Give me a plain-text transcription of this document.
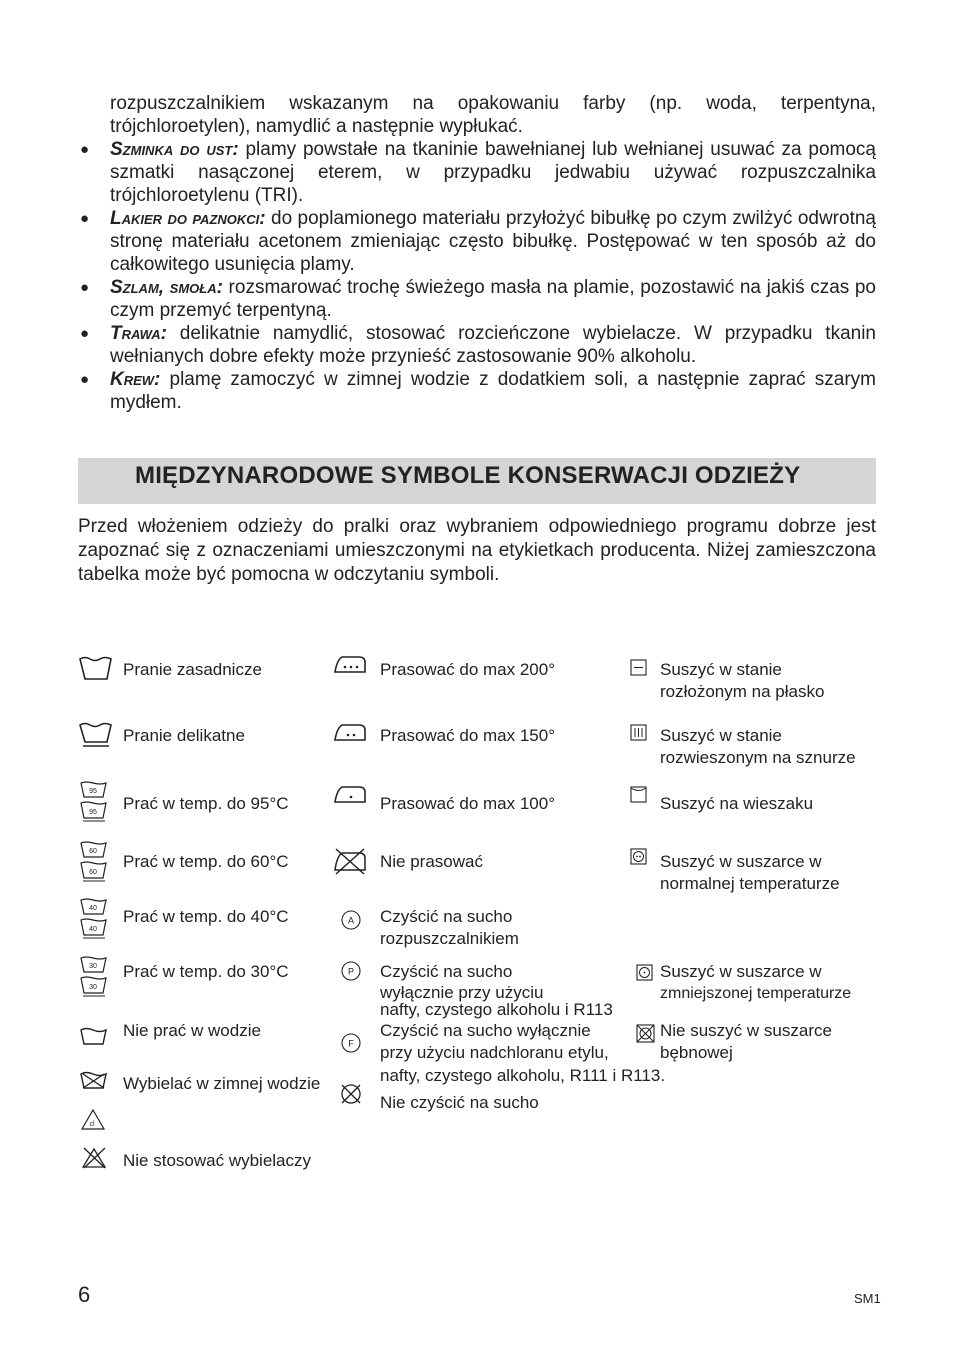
rozpuszczalnikiem wskazanym na opakowaniu farby (np. woda, terpentyna, trójchloroetylen), namydlić a następnie wypłukać.

● Szminka do ust: plamy powstałe na tkaninie bawełnianej lub wełnianej usuwać za pomocą szmatki nasączonej eterem, w przypadku jedwabiu używać rozpuszczalnika trójchloroetylenu (TRI).

● Lakier do paznokci: do poplamionego materiału przyłożyć bibułkę po czym zwilżyć odwrotną stronę materiału acetonem zmieniając często bibułkę. Postępować w ten sposób aż do całkowitego usunięcia plamy.

● Szlam, smoła: rozsmarować trochę świeżego masła na plamie, pozostawić na jakiś czas po czym przemyć terpentyną.

● Trawa: delikatnie namydlić, stosować rozcieńczone wybielacze. W przypadku tkanin wełnianych dobre efekty może przynieść zastosowanie 90% alkoholu.

● Krew: plamę zamoczyć w zimnej wodzie z dodatkiem soli, a następnie zaprać szarym mydłem.

MIĘDZYNARODOWE SYMBOLE KONSERWACJI ODZIEŻY

Przed włożeniem odzieży do pralki oraz wybraniem odpowiedniego programu dobrze jest zapoznać się z oznaczeniami umieszczonymi na etykietkach producenta. Niżej zamieszczona tabelka może być pomocna w odczytaniu symboli.

Pranie zasadnicze
Pranie delikatne
95
95 Prać w temp. do 95°C
60
60
Prać w temp. do 60°C
40
40
Prać w temp. do 40°C
30
30
Prać w temp. do 30°C
Nie prać w wodzie
Wybielać w zimnej wodzie
cl
Nie stosować wybielaczy
Prasować do max 200°
Prasować do max 150°
Prasować do max 100°
Nie prasować
A Czyścić na sucho
rozpuszczalnikiem
P Czyścić na sucho
wyłącznie przy użyciu
nafty, czystego alkoholu i R113
F
Czyścić na sucho wyłącznie
przy użyciu nadchloranu etylu,
nafty, czystego alkoholu, R111 i R113.
Nie czyścić na sucho
Suszyć w stanie
rozłożonym na płasko
Suszyć w stanie
rozwieszonym na sznurze
Suszyć na wieszaku
Suszyć w suszarce w
normalnej temperaturze
Suszyć w suszarce w
zmniejszonej temperaturze
Nie suszyć w suszarce
bębnowej
6	SM1
